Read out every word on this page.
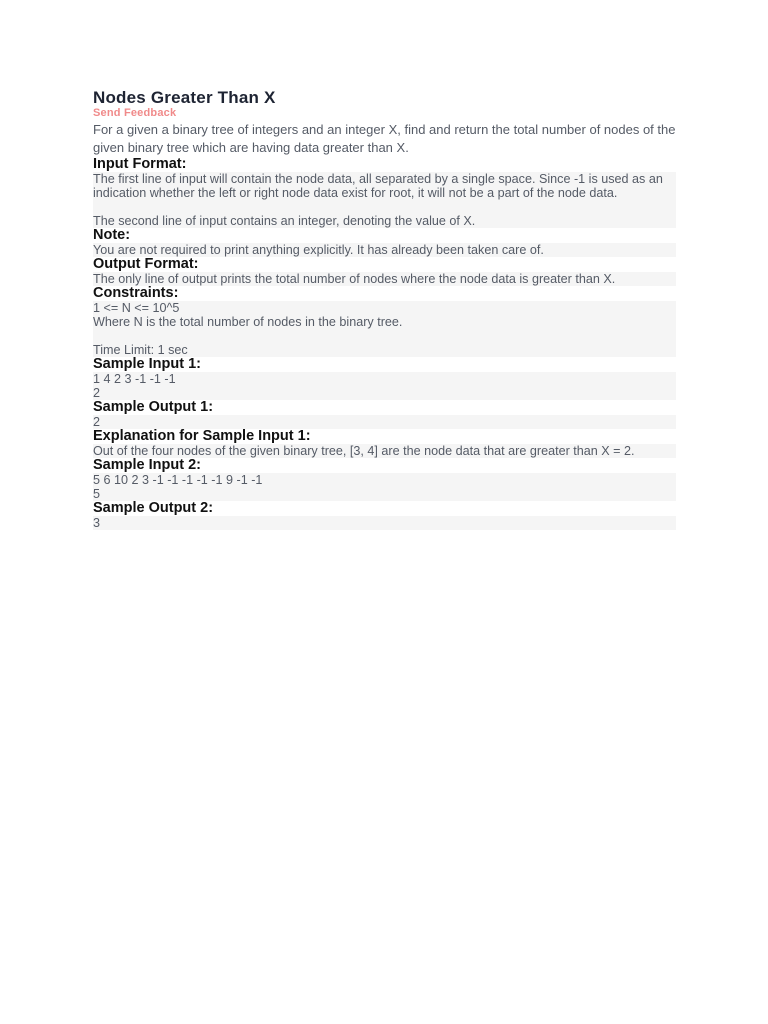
Nodes Greater Than X
Send Feedback
For a given a binary tree of integers and an integer X, find and return the total number of nodes of the given binary tree which are having data greater than X.
Input Format:
The first line of input will contain the node data, all separated by a single space. Since -1 is used as an indication whether the left or right node data exist for root, it will not be a part of the node data.
The second line of input contains an integer, denoting the value of X.
Note:
You are not required to print anything explicitly. It has already been taken care of.
Output Format:
The only line of output prints the total number of nodes where the node data is greater than X.
Constraints:
1 <= N <= 10^5
Where N is the total number of nodes in the binary tree.
Time Limit: 1 sec
Sample Input 1:
1 4 2 3 -1 -1 -1
2
Sample Output 1:
2
Explanation for Sample Input 1:
Out of the four nodes of the given binary tree, [3, 4] are the node data that are greater than X = 2.
Sample Input 2:
5 6 10 2 3 -1 -1 -1 -1 -1 9 -1 -1
5
Sample Output 2:
3
